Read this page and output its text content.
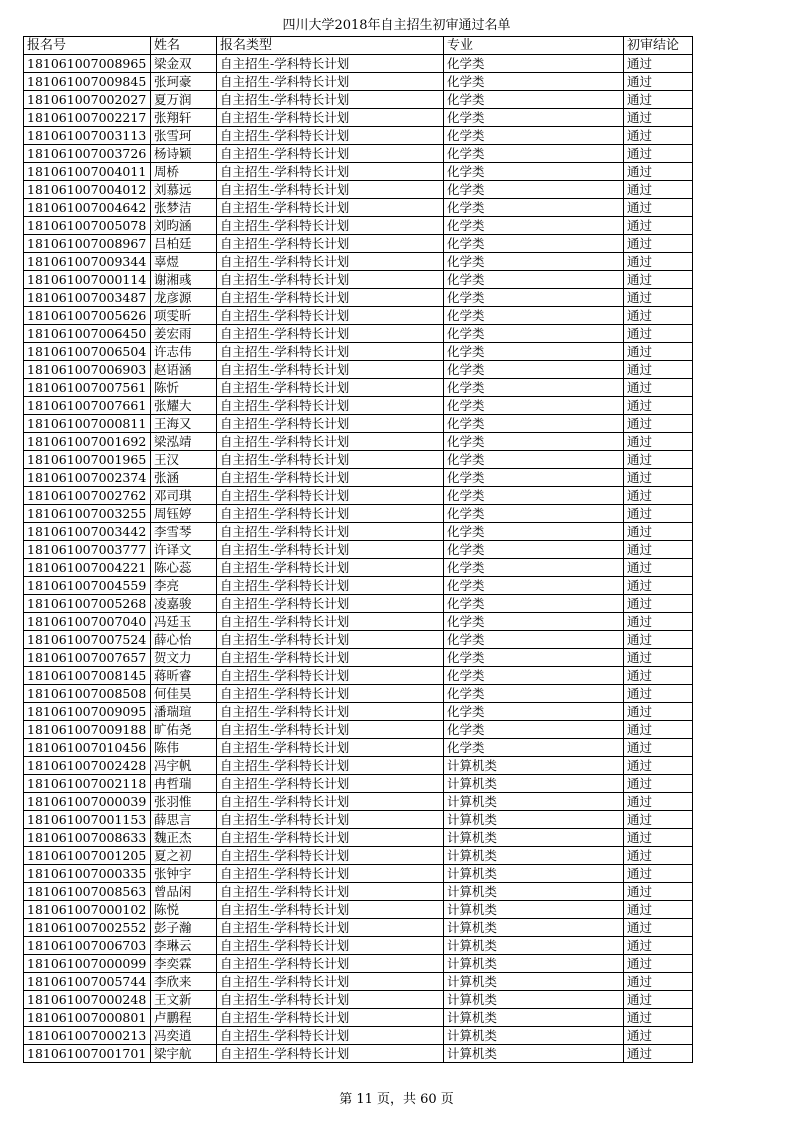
四川大学2018年自主招生初审通过名单
报名号	姓名	报名类型	专业	初审结论
181061007008965	梁金双	自主招生-学科特长计划	化学类	通过
181061007009845	张珂豪	自主招生-学科特长计划	化学类	通过
181061007002027	夏万润	自主招生-学科特长计划	化学类	通过
181061007002217	张翔轩	自主招生-学科特长计划	化学类	通过
181061007003113	张雪珂	自主招生-学科特长计划	化学类	通过
181061007003726	杨诗颖	自主招生-学科特长计划	化学类	通过
181061007004011	周桥	自主招生-学科特长计划	化学类	通过
181061007004012	刘慕远	自主招生-学科特长计划	化学类	通过
181061007004642	张梦洁	自主招生-学科特长计划	化学类	通过
181061007005078	刘昀涵	自主招生-学科特长计划	化学类	通过
181061007008967	吕柏廷	自主招生-学科特长计划	化学类	通过
181061007009344	辜煜	自主招生-学科特长计划	化学类	通过
181061007000114	谢湘彧	自主招生-学科特长计划	化学类	通过
181061007003487	龙彦源	自主招生-学科特长计划	化学类	通过
181061007005626	项雯昕	自主招生-学科特长计划	化学类	通过
181061007006450	姜宏雨	自主招生-学科特长计划	化学类	通过
181061007006504	许志伟	自主招生-学科特长计划	化学类	通过
181061007006903	赵语涵	自主招生-学科特长计划	化学类	通过
181061007007561	陈忻	自主招生-学科特长计划	化学类	通过
181061007007661	张耀大	自主招生-学科特长计划	化学类	通过
181061007000811	王海又	自主招生-学科特长计划	化学类	通过
181061007001692	梁泓靖	自主招生-学科特长计划	化学类	通过
181061007001965	王汉	自主招生-学科特长计划	化学类	通过
181061007002374	张涵	自主招生-学科特长计划	化学类	通过
181061007002762	邓司琪	自主招生-学科特长计划	化学类	通过
181061007003255	周钰婷	自主招生-学科特长计划	化学类	通过
181061007003442	李雪琴	自主招生-学科特长计划	化学类	通过
181061007003777	许译文	自主招生-学科特长计划	化学类	通过
181061007004221	陈心蕊	自主招生-学科特长计划	化学类	通过
181061007004559	李亮	自主招生-学科特长计划	化学类	通过
181061007005268	凌嘉骏	自主招生-学科特长计划	化学类	通过
181061007007040	冯廷玉	自主招生-学科特长计划	化学类	通过
181061007007524	薛心怡	自主招生-学科特长计划	化学类	通过
181061007007657	贺文力	自主招生-学科特长计划	化学类	通过
181061007008145	蒋昕睿	自主招生-学科特长计划	化学类	通过
181061007008508	何佳昊	自主招生-学科特长计划	化学类	通过
181061007009095	潘瑞瑄	自主招生-学科特长计划	化学类	通过
181061007009188	旷佑尧	自主招生-学科特长计划	化学类	通过
181061007010456	陈伟	自主招生-学科特长计划	化学类	通过
181061007002428	冯宇帆	自主招生-学科特长计划	计算机类	通过
181061007002118	冉哲瑞	自主招生-学科特长计划	计算机类	通过
181061007000039	张羽惟	自主招生-学科特长计划	计算机类	通过
181061007001153	薛思言	自主招生-学科特长计划	计算机类	通过
181061007008633	魏正杰	自主招生-学科特长计划	计算机类	通过
181061007001205	夏之初	自主招生-学科特长计划	计算机类	通过
181061007000335	张钟宇	自主招生-学科特长计划	计算机类	通过
181061007008563	曾品闲	自主招生-学科特长计划	计算机类	通过
181061007000102	陈悦	自主招生-学科特长计划	计算机类	通过
181061007002552	彭子瀚	自主招生-学科特长计划	计算机类	通过
181061007006703	李琳云	自主招生-学科特长计划	计算机类	通过
181061007000099	李奕霖	自主招生-学科特长计划	计算机类	通过
181061007005744	李欣来	自主招生-学科特长计划	计算机类	通过
181061007000248	王文新	自主招生-学科特长计划	计算机类	通过
181061007000801	卢鹏程	自主招生-学科特长计划	计算机类	通过
181061007000213	冯奕逍	自主招生-学科特长计划	计算机类	通过
181061007001701	梁宇航	自主招生-学科特长计划	计算机类	通过
第 11 页，共 60 页
